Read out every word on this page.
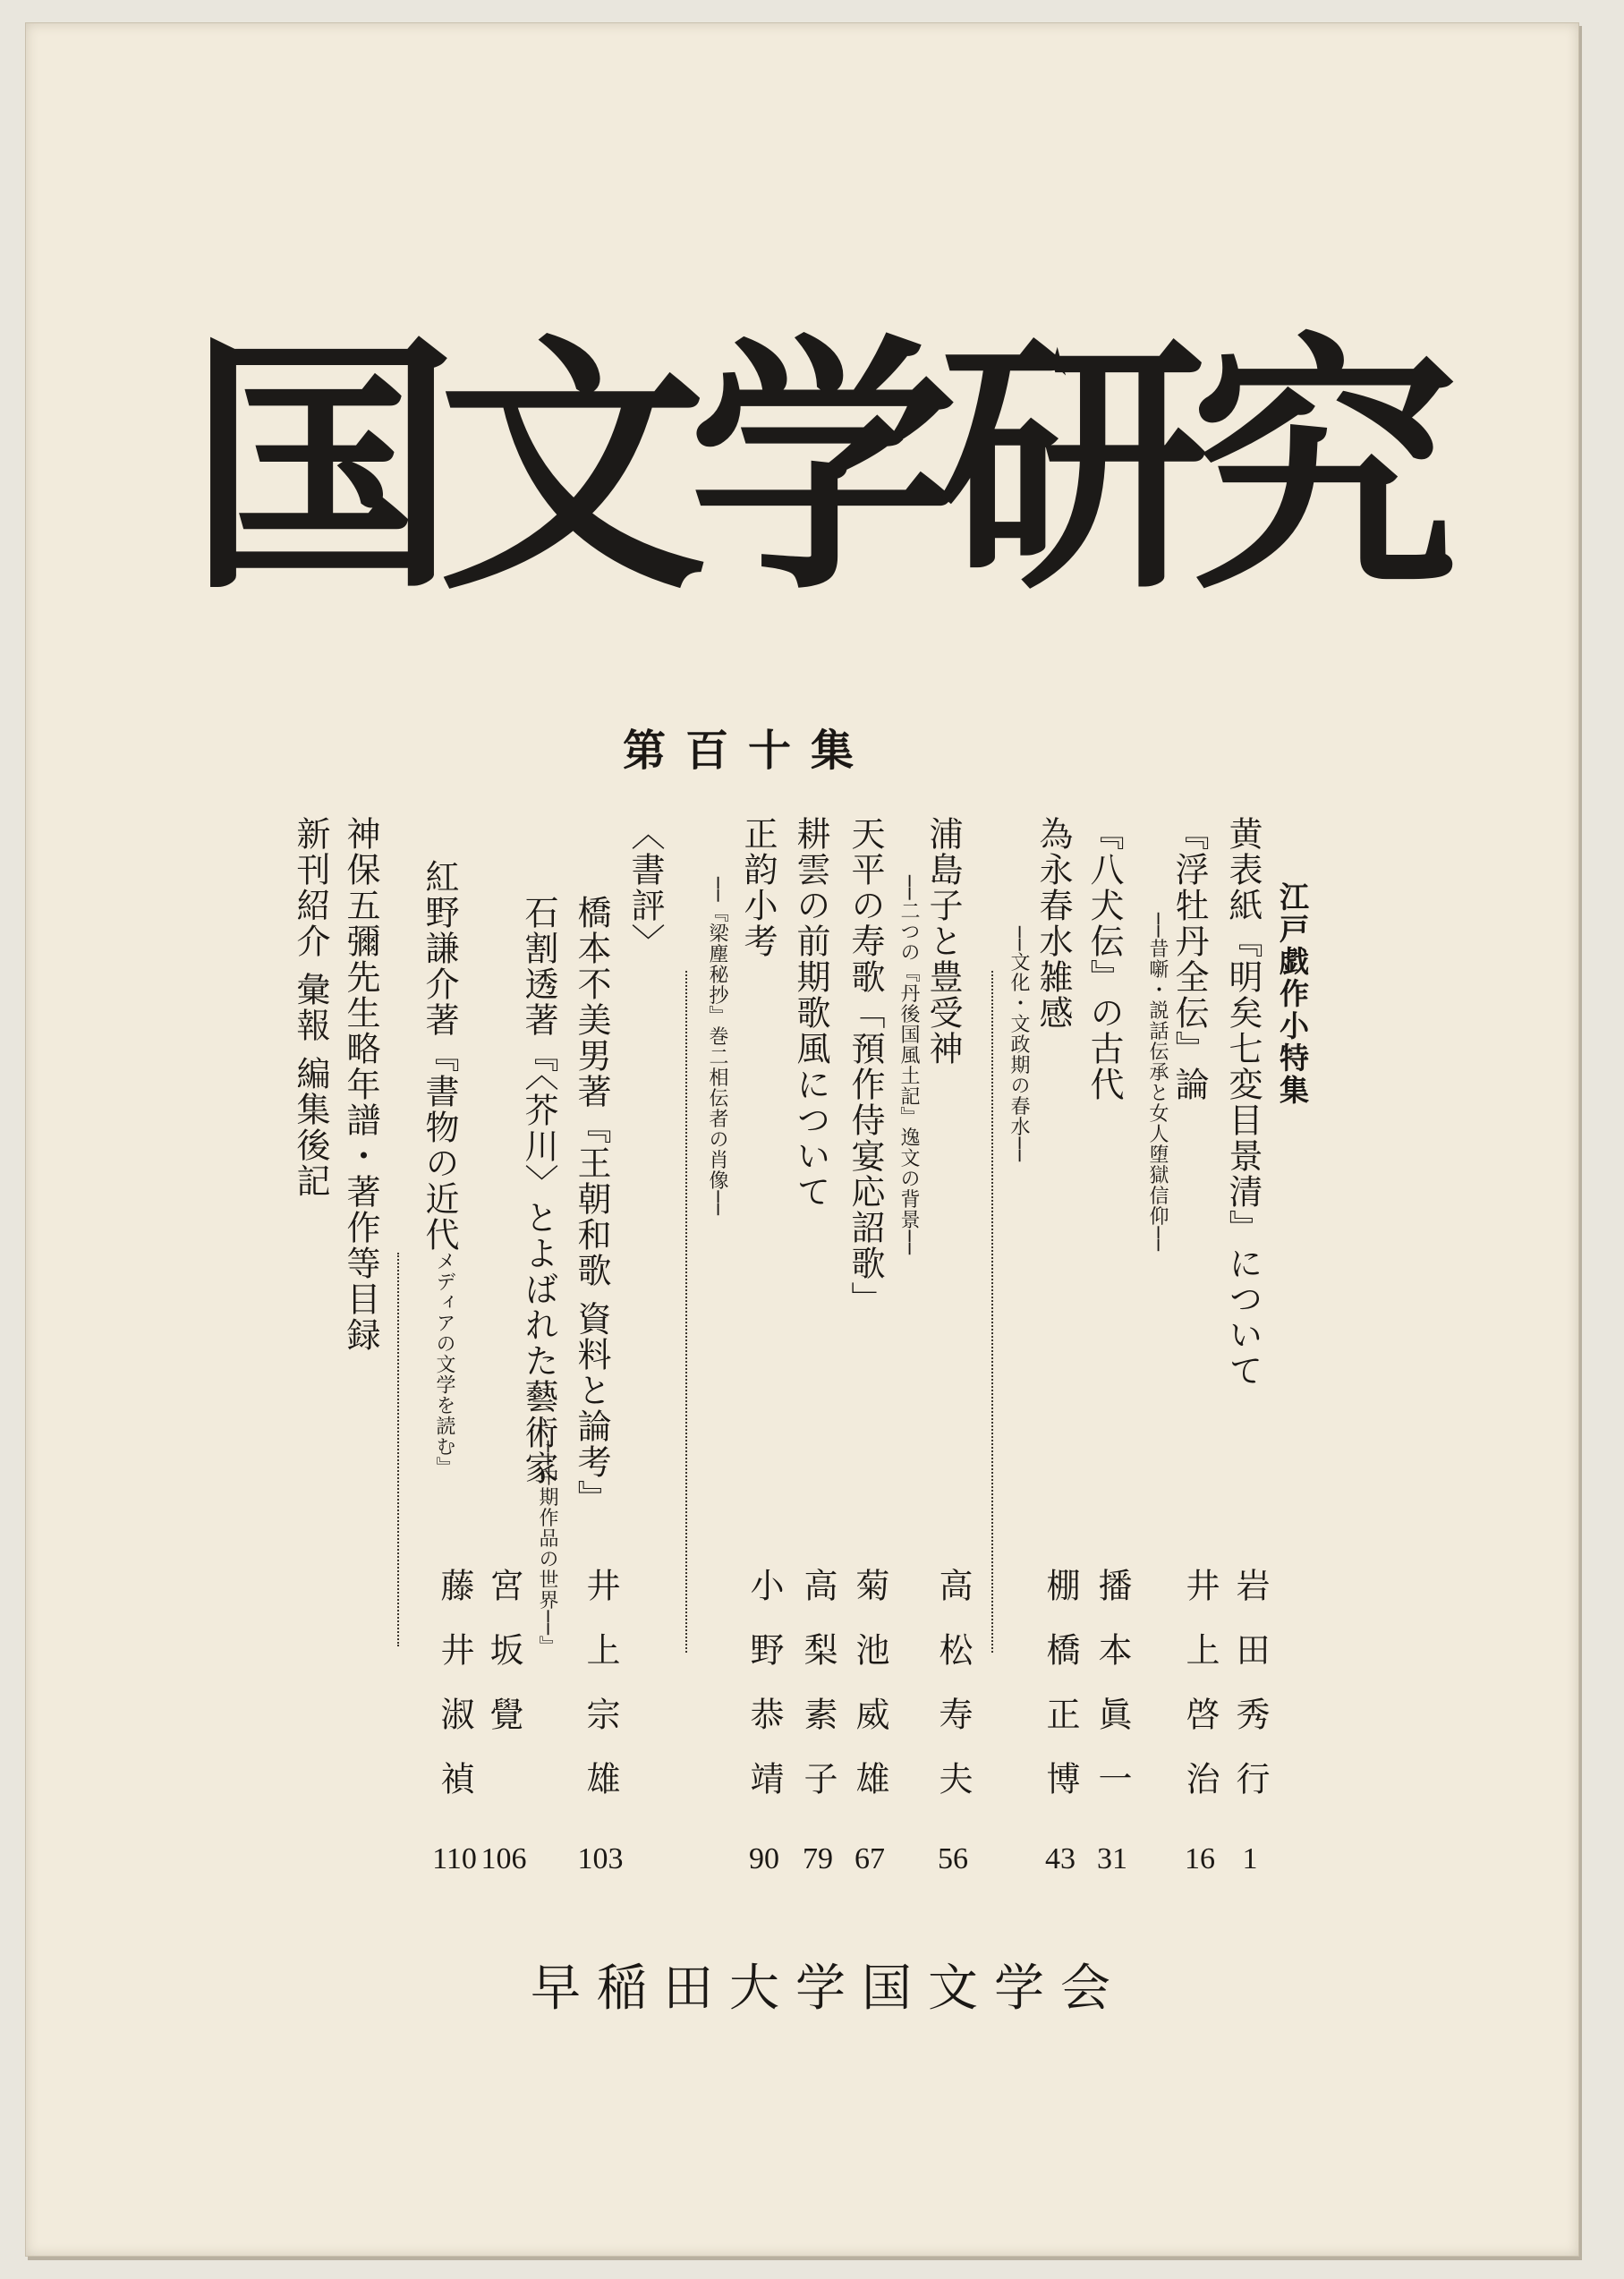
国
文
学
研
究
第百十集
江戸戯作小特集
黄表紙『明矣七変目景清』について
『浮牡丹全伝』論
──昔噺・説話伝承と女人堕獄信仰──
『八犬伝』の古代
為永春水雑感
──文化・文政期の春水──
浦島子と豊受神
──二つの『丹後国風土記』逸文の背景──
天平の寿歌「預作侍宴応詔歌」
耕雲の前期歌風について
正韵小考
──『梁塵秘抄』巻二相伝者の肖像──
〈書評〉
橋本不美男著『王朝和歌 資料と論考』
石割透著『〈芥川〉とよばれた藝術家
──中期作品の世界──』
紅野謙介著『書物の近代
メディアの文学を読む』
神保五彌先生略年譜・著作等目録
新刊紹介 彙報 編集後記
岩田秀行
井上啓治
播本眞一
棚橋正博
高松寿夫
菊池威雄
高梨素子
小野恭靖
井上宗雄
宮坂覺
藤井淑禎
1
16
31
43
56
67
79
90
103
106
110
早稲田大学国文学会
